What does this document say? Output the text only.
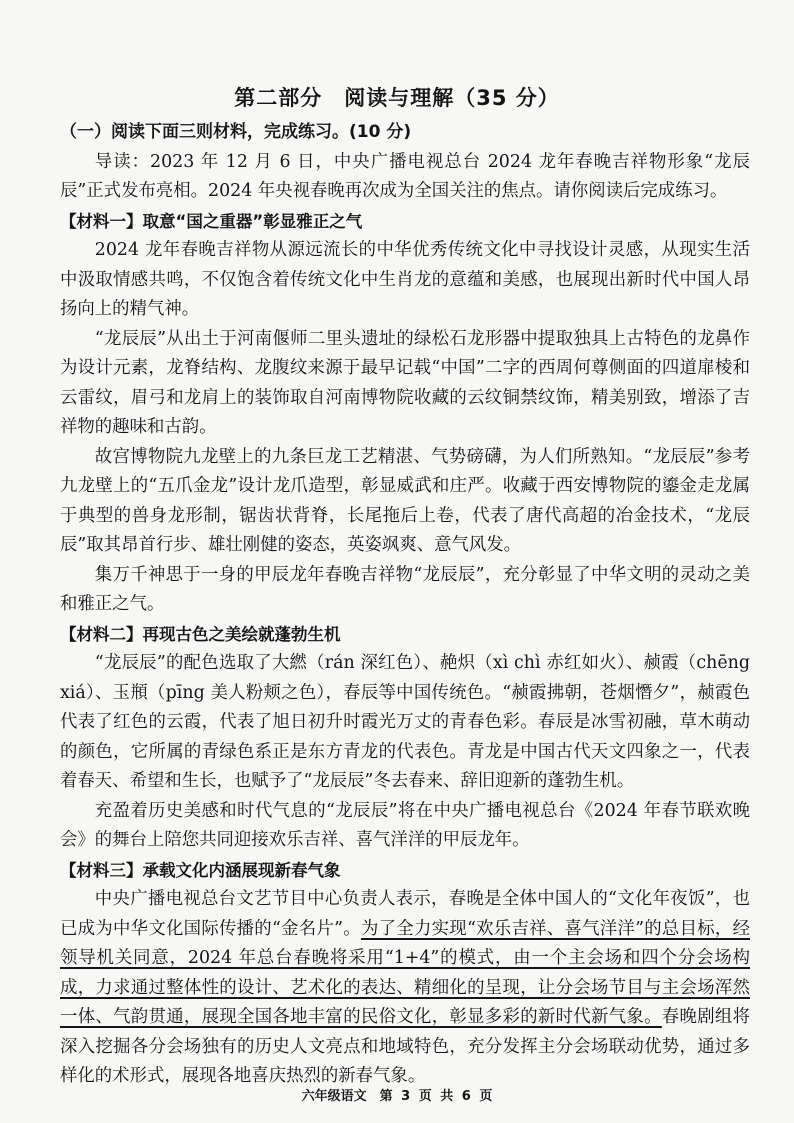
第二部分　阅读与理解（35 分）

（一）阅读下面三则材料，完成练习。(10 分)

导读：2023 年 12 月 6 日，中央广播电视总台 2024 龙年春晚吉祥物形象“龙辰辰”正式发布亮相。2024 年央视春晚再次成为全国关注的焦点。请你阅读后完成练习。

【材料一】取意“国之重器”彰显雅正之气

2024 龙年春晚吉祥物从源远流长的中华优秀传统文化中寻找设计灵感，从现实生活中汲取情感共鸣，不仅饱含着传统文化中生肖龙的意蕴和美感，也展现出新时代中国人昂扬向上的精气神。

“龙辰辰”从出土于河南偃师二里头遗址的绿松石龙形器中提取独具上古特色的龙鼻作为设计元素，龙脊结构、龙腹纹来源于最早记载“中国”二字的西周何尊侧面的四道扉棱和云雷纹，眉弓和龙肩上的装饰取自河南博物院收藏的云纹铜禁纹饰，精美别致，增添了吉祥物的趣味和古韵。

故宫博物院九龙壁上的九条巨龙工艺精湛、气势磅礴，为人们所熟知。“龙辰辰”参考九龙壁上的“五爪金龙”设计龙爪造型，彰显威武和庄严。收藏于西安博物院的鎏金走龙属于典型的兽身龙形制，锯齿状背脊，长尾拖后上卷，代表了唐代高超的冶金技术，“龙辰辰”取其昂首行步、雄壮刚健的姿态，英姿飒爽、意气风发。

集万千神思于一身的甲辰龙年春晚吉祥物“龙辰辰”，充分彰显了中华文明的灵动之美和雅正之气。

【材料二】再现古色之美绘就蓬勃生机

“龙辰辰”的配色选取了大繎（rán 深红色）、赩炽（xì chì 赤红如火）、赪霞（chēng xiá）、玉頩（pīng 美人粉颊之色），春辰等中国传统色。“赪霞拂朝，苍烟憯夕”，赪霞色代表了红色的云霞，代表了旭日初升时霞光万丈的青春色彩。春辰是冰雪初融，草木萌动的颜色，它所属的青绿色系正是东方青龙的代表色。青龙是中国古代天文四象之一，代表着春天、希望和生长，也赋予了“龙辰辰”冬去春来、辞旧迎新的蓬勃生机。

充盈着历史美感和时代气息的“龙辰辰”将在中央广播电视总台《2024 年春节联欢晚会》的舞台上陪您共同迎接欢乐吉祥、喜气洋洋的甲辰龙年。

【材料三】承载文化内涵展现新春气象

中央广播电视总台文艺节目中心负责人表示，春晚是全体中国人的“文化年夜饭”，也已成为中华文化国际传播的“金名片”。为了全力实现“欢乐吉祥、喜气洋洋”的总目标，经领导机关同意，2024 年总台春晚将采用“1+4”的模式，由一个主会场和四个分会场构成，力求通过整体性的设计、艺术化的表达、精细化的呈现，让分会场节目与主会场浑然一体、气韵贯通，展现全国各地丰富的民俗文化，彰显多彩的新时代新气象。春晚剧组将深入挖掘各分会场独有的历史人文亮点和地域特色，充分发挥主分会场联动优势，通过多样化的术形式，展现各地喜庆热烈的新春气象。

六年级语文　第 3 页 共 6 页
